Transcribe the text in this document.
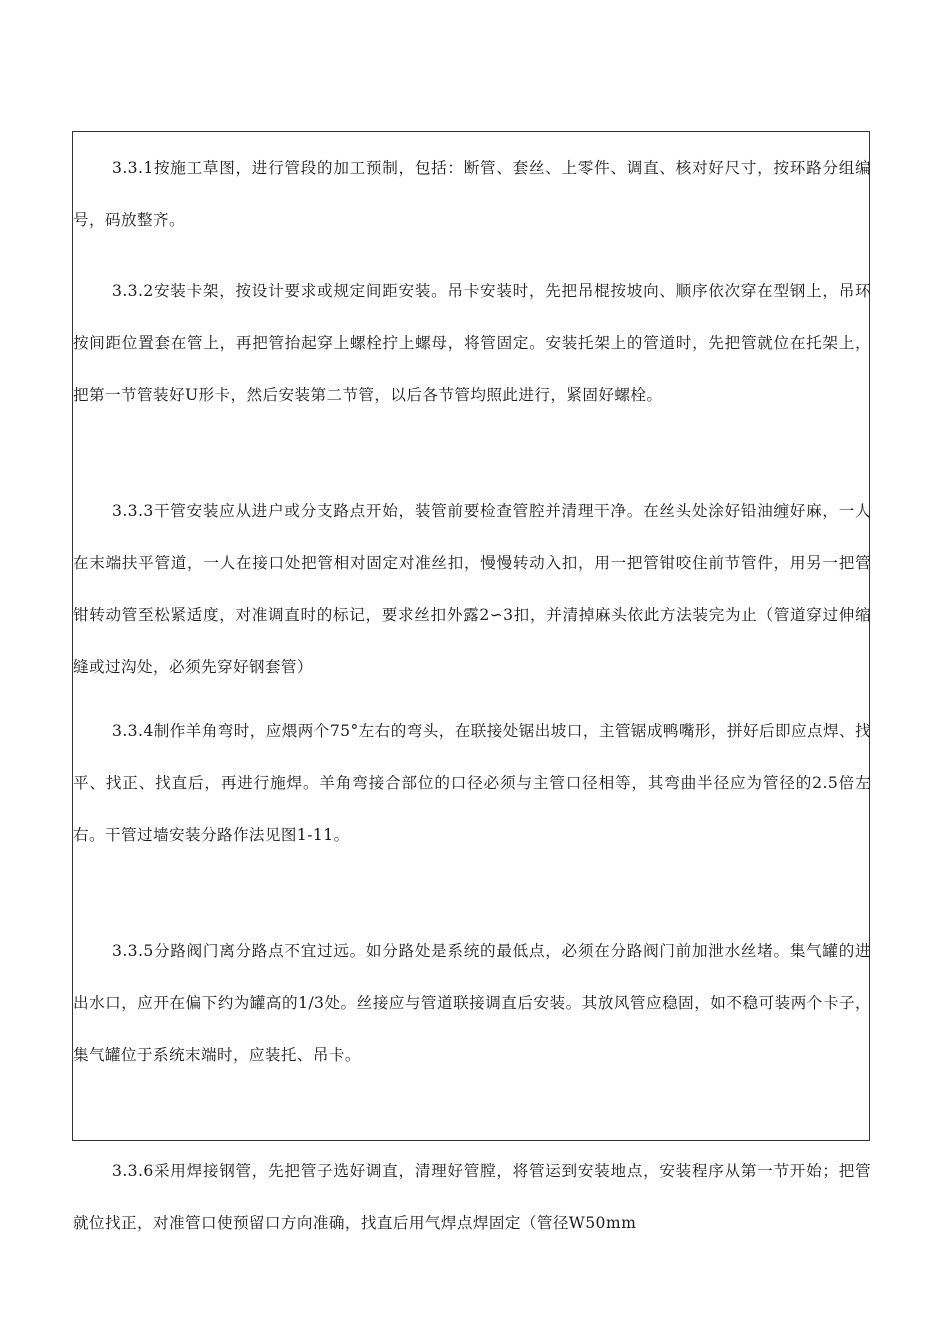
3.3.1按施工草图，进行管段的加工预制，包括：断管、套丝、上零件、调直、核对好尺寸，按环路分组编号，码放整齐。

3.3.2安装卡架，按设计要求或规定间距安装。吊卡安装时，先把吊棍按坡向、顺序依次穿在型钢上，吊环按间距位置套在管上，再把管抬起穿上螺栓拧上螺母，将管固定。安装托架上的管道时，先把管就位在托架上，把第一节管装好U形卡，然后安装第二节管，以后各节管均照此进行，紧固好螺栓。

3.3.3干管安装应从进户或分支路点开始，装管前要检查管腔并清理干净。在丝头处涂好铅油缠好麻，一人在末端扶平管道，一人在接口处把管相对固定对准丝扣，慢慢转动入扣，用一把管钳咬住前节管件，用另一把管钳转动管至松紧适度，对准调直时的标记，要求丝扣外露2∽3扣，并清掉麻头依此方法装完为止（管道穿过伸缩缝或过沟处，必须先穿好钢套管）

3.3.4制作羊角弯时，应煨两个75°左右的弯头，在联接处锯出坡口，主管锯成鸭嘴形，拼好后即应点焊、找平、找正、找直后，再进行施焊。羊角弯接合部位的口径必须与主管口径相等，其弯曲半径应为管径的2.5倍左右。干管过墙安装分路作法见图1-11。

3.3.5分路阀门离分路点不宜过远。如分路处是系统的最低点，必须在分路阀门前加泄水丝堵。集气罐的进出水口，应开在偏下约为罐高的1/3处。丝接应与管道联接调直后安装。其放风管应稳固，如不稳可装两个卡子，集气罐位于系统末端时，应装托、吊卡。

3.3.6采用焊接钢管，先把管子选好调直，清理好管膛，将管运到安装地点，安装程序从第一节开始；把管就位找正，对准管口使预留口方向准确，找直后用气焊点焊固定（管径W50mm
